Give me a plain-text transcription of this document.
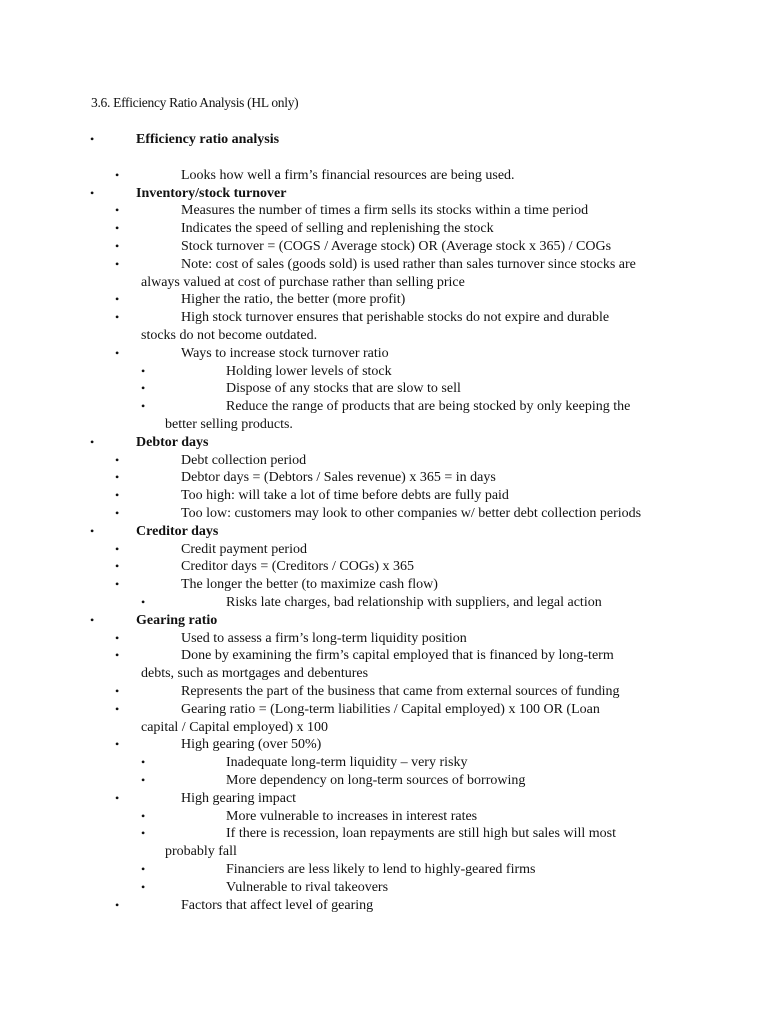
3.6. Efficiency Ratio Analysis (HL only)
•	Efficiency ratio analysis
•	Looks how well a firm’s financial resources are being used.
•	Inventory/stock turnover
•	Measures the number of times a firm sells its stocks within a time period
•	Indicates the speed of selling and replenishing the stock
•	Stock turnover = (COGS / Average stock) OR (Average stock x 365) / COGs
•	Note: cost of sales (goods sold) is used rather than sales turnover since stocks are
always valued at cost of purchase rather than selling price
•	Higher the ratio, the better (more profit)
•	High stock turnover ensures that perishable stocks do not expire and durable
stocks do not become outdated.
•	Ways to increase stock turnover ratio
•	Holding lower levels of stock
•	Dispose of any stocks that are slow to sell
•	Reduce the range of products that are being stocked by only keeping the
better selling products.
•	Debtor days
•	Debt collection period
•	Debtor days = (Debtors / Sales revenue) x 365 = in days
•	Too high: will take a lot of time before debts are fully paid
•	Too low: customers may look to other companies w/ better debt collection periods
•	Creditor days
•	Credit payment period
•	Creditor days = (Creditors / COGs) x 365
•	The longer the better (to maximize cash flow)
•	Risks late charges, bad relationship with suppliers, and legal action
•	Gearing ratio
•	Used to assess a firm’s long-term liquidity position
•	Done by examining the firm’s capital employed that is financed by long-term
debts, such as mortgages and debentures
•	Represents the part of the business that came from external sources of funding
•	Gearing ratio = (Long-term liabilities / Capital employed) x 100 OR (Loan
capital / Capital employed) x 100
•	High gearing (over 50%)
•	Inadequate long-term liquidity – very risky
•	More dependency on long-term sources of borrowing
•	High gearing impact
•	More vulnerable to increases in interest rates
•	If there is recession, loan repayments are still high but sales will most
probably fall
•	Financiers are less likely to lend to highly-geared firms
•	Vulnerable to rival takeovers
•	Factors that affect level of gearing
